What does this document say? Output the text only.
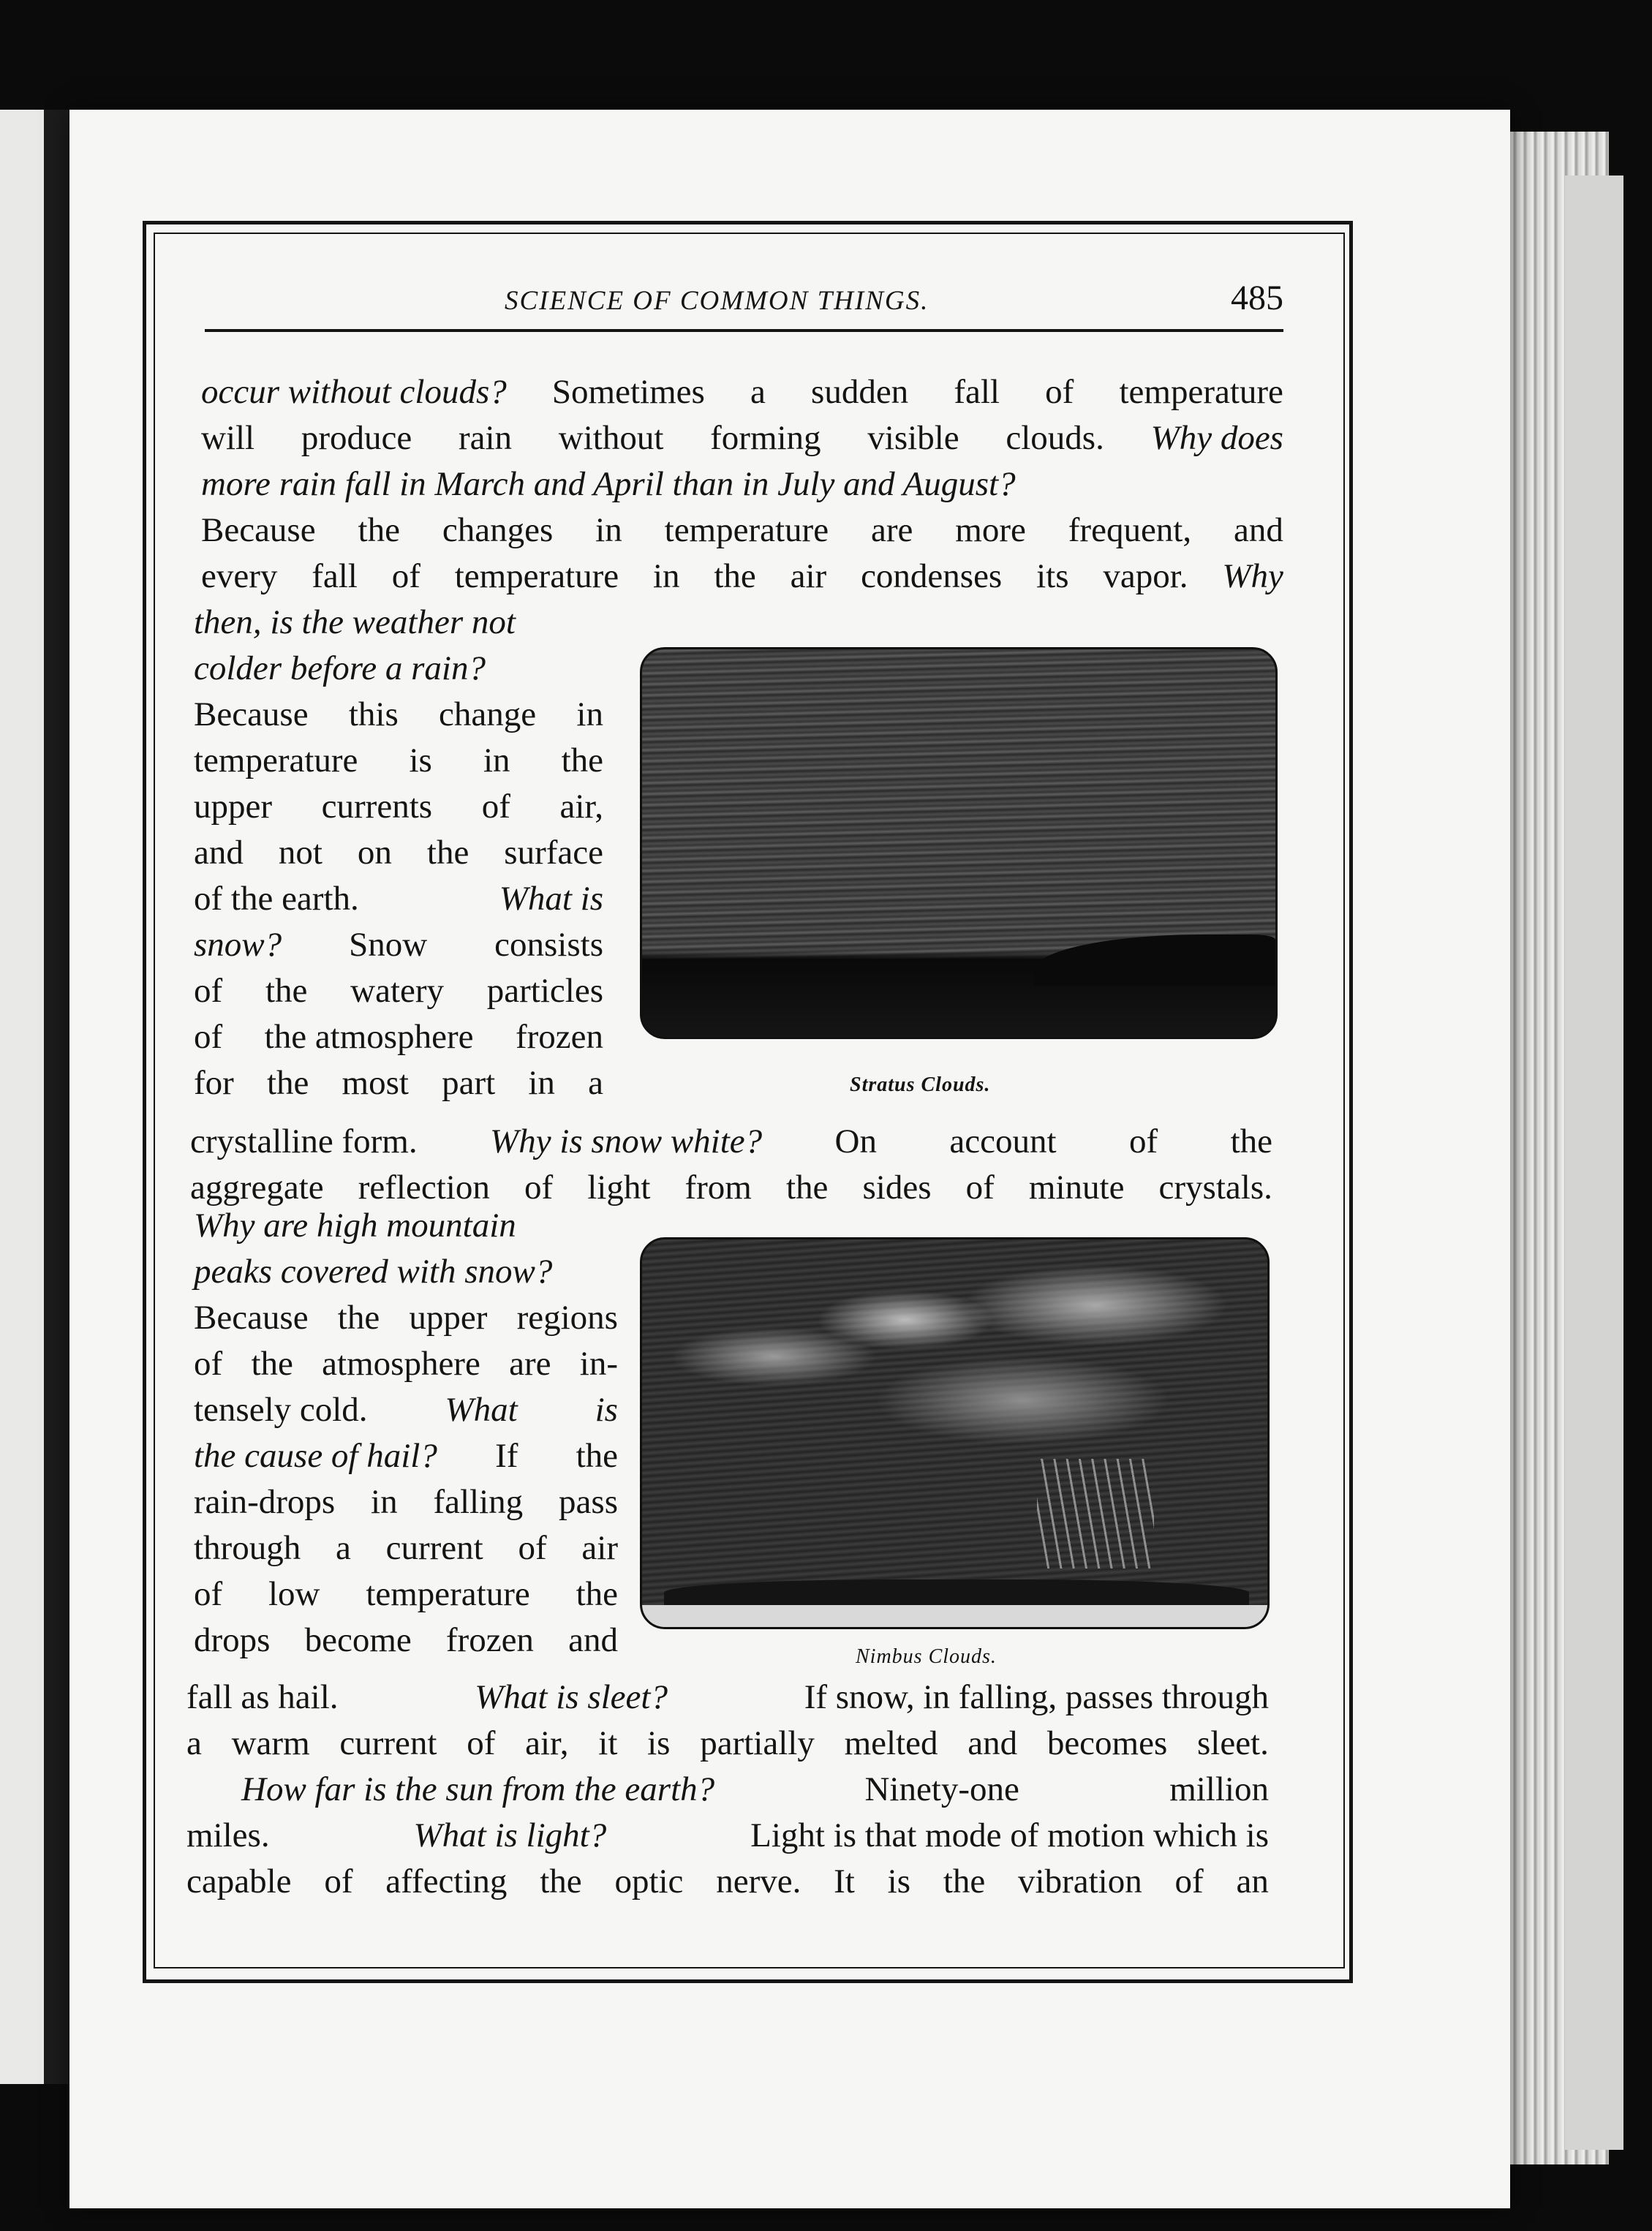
SCIENCE OF COMMON THINGS.	485
occur without clouds? Sometimes a sudden fall of temperature
will produce rain without forming visible clouds. Why does
more rain fall in March and April than in July and August?
Because the changes in temperature are more frequent, and
every fall of temperature in the air condenses its vapor. Why
then, is the weather not
colder before a rain?
Because this change in
temperature is in the
upper currents of air,
and not on the surface
of the earth.	What is
snow? Snow consists
of the watery particles
of the atmosphere frozen
for the most part in a	Stratus Clouds.
crystalline form. Why is snow white? On account of the
aggregate reflection of light from the sides of minute crystals.
Why are high mountain
peaks covered with snow?
Because the upper regions
of the atmosphere are in-
tensely cold. What is
the cause of hail? If the
rain-drops in falling pass
through a current of air
of low temperature the
drops become frozen and	Nimbus Clouds.
fall as hail.	What is sleet?	If snow, in falling, passes through
a warm current of air, it is partially melted and becomes sleet.
How far is the sun from the earth?	Ninety-one	million
miles.	What is light?	Light is that mode of motion which is
capable of affecting the optic nerve. It is the vibration of an
